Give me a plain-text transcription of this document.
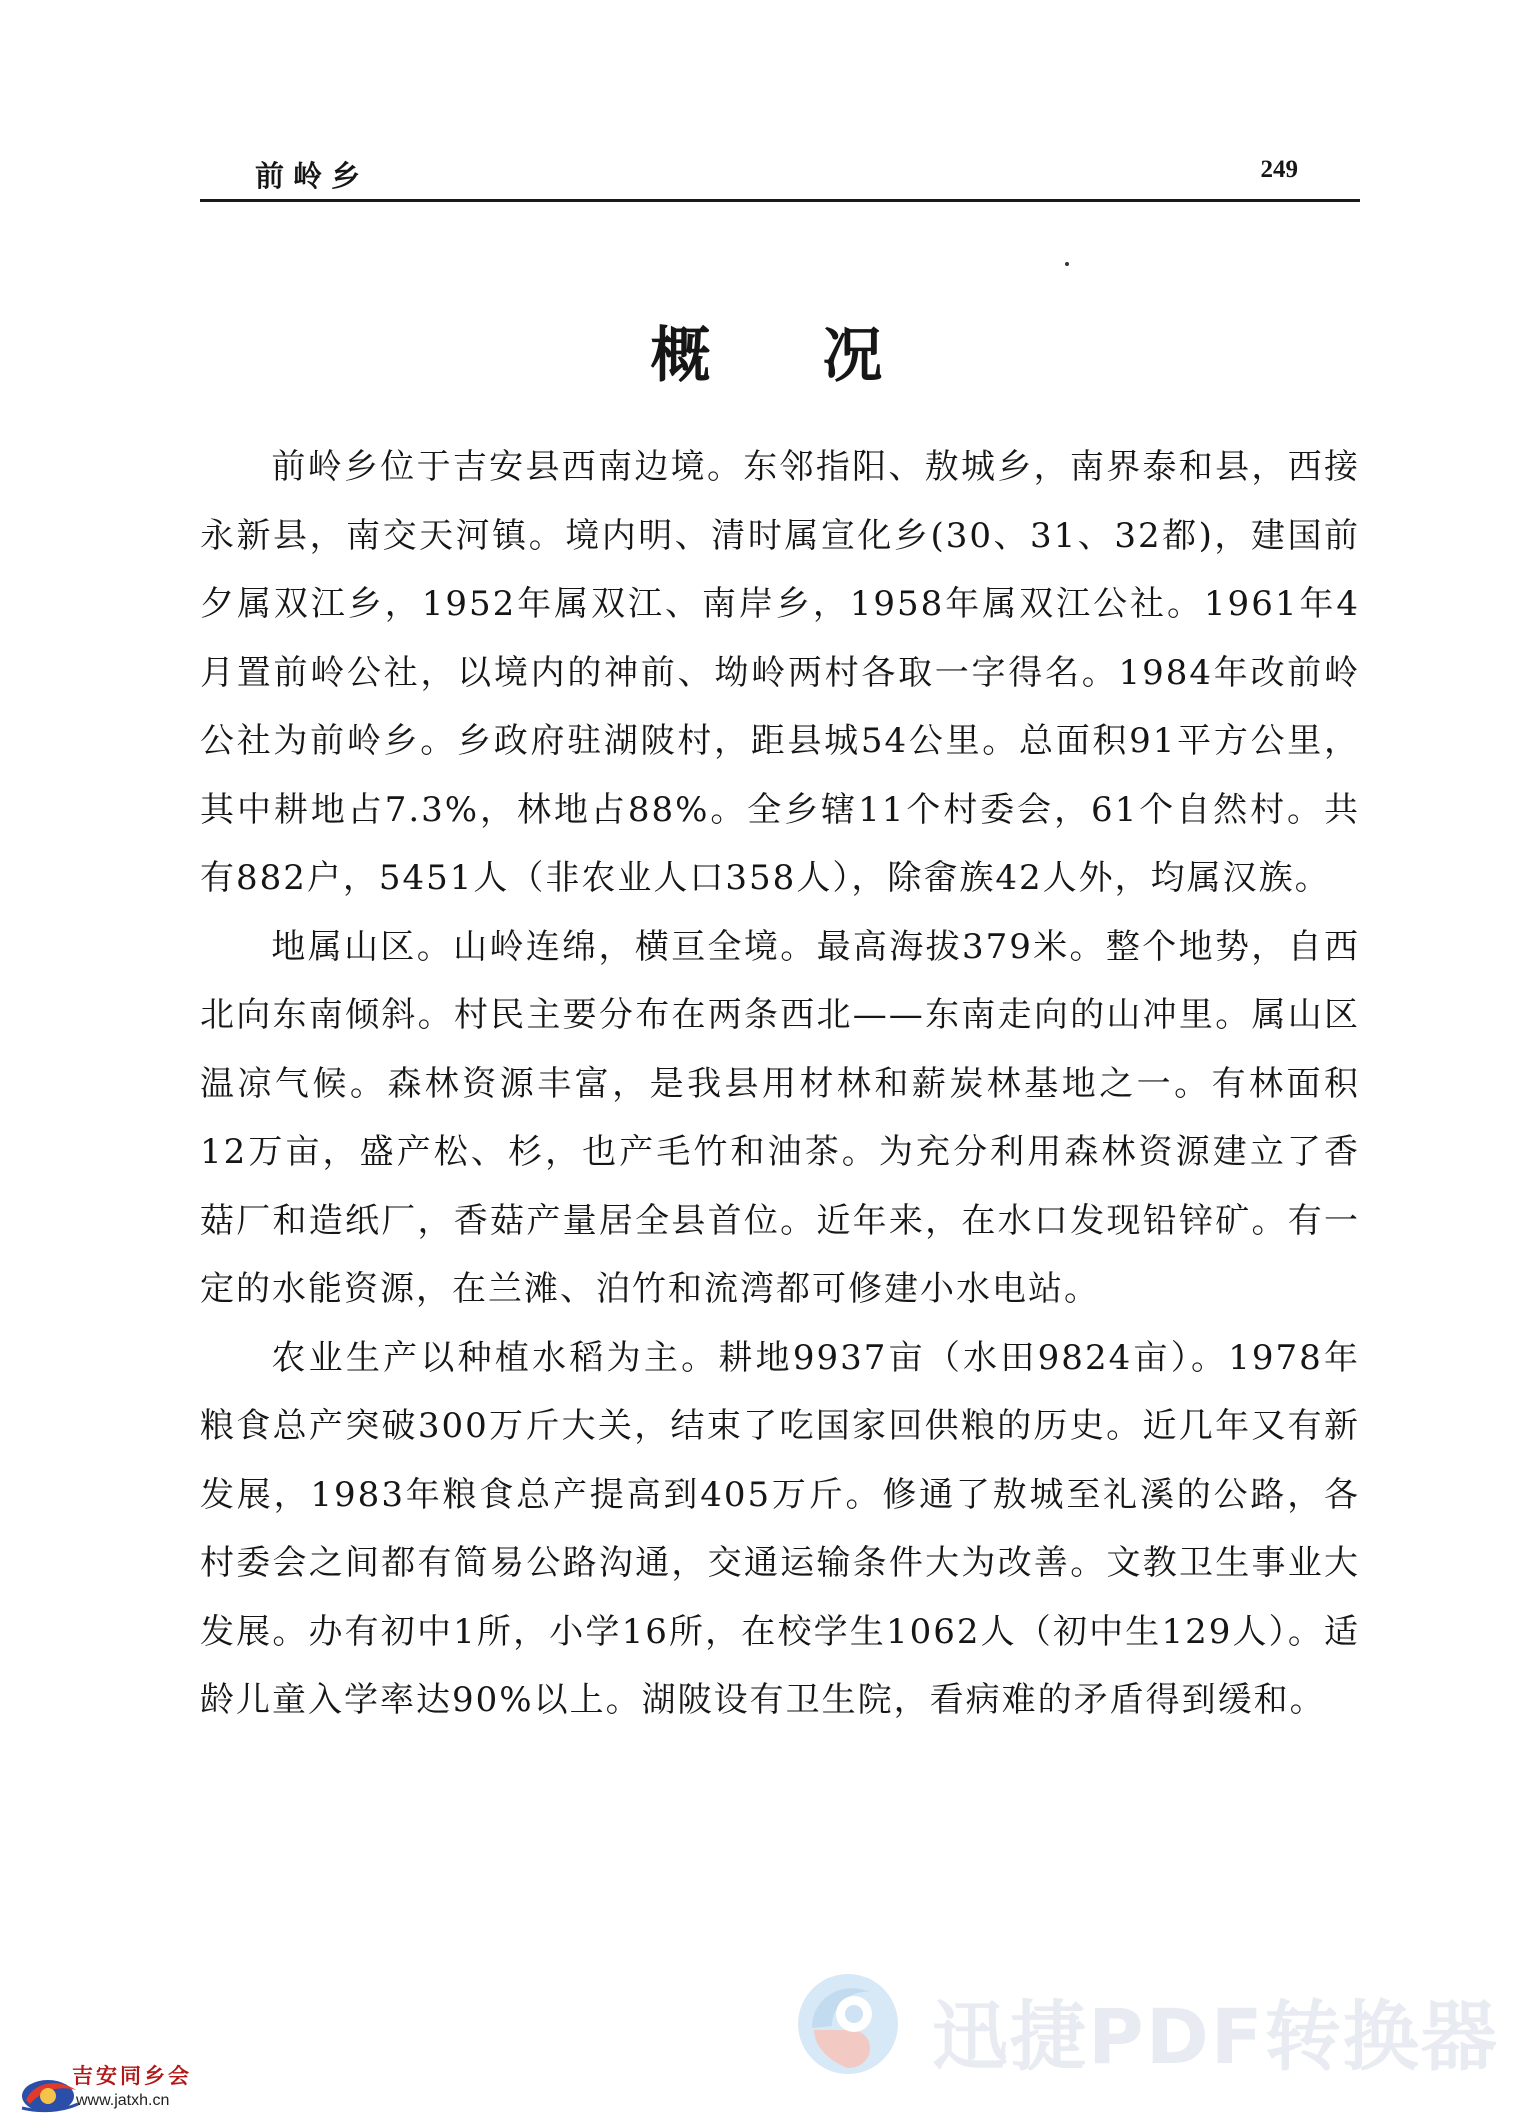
前岭乡	249
概 况

前岭乡位于吉安县西南边境。东邻指阳、敖城乡，南界泰和县，西接永新县，南交天河镇。境内明、清时属宣化乡(30、31、32都)，建国前夕属双江乡，1952年属双江、南岸乡，1958年属双江公社。1961年4月置前岭公社，以境内的神前、坳岭两村各取一字得名。1984年改前岭公社为前岭乡。乡政府驻湖陂村，距县城54公里。总面积91平方公里，其中耕地占7.3%，林地占88%。全乡辖11个村委会，61个自然村。共有882户，5451人（非农业人口358人），除畲族42人外，均属汉族。

地属山区。山岭连绵，横亘全境。最高海拔379米。整个地势，自西北向东南倾斜。村民主要分布在两条西北——东南走向的山冲里。属山区温凉气候。森林资源丰富，是我县用材林和薪炭林基地之一。有林面积12万亩，盛产松、杉，也产毛竹和油茶。为充分利用森林资源建立了香菇厂和造纸厂，香菇产量居全县首位。近年来，在水口发现铅锌矿。有一定的水能资源，在兰滩、泊竹和流湾都可修建小水电站。

农业生产以种植水稻为主。耕地9937亩（水田9824亩）。1978年粮食总产突破300万斤大关，结束了吃国家回供粮的历史。近几年又有新发展，1983年粮食总产提高到405万斤。修通了敖城至礼溪的公路，各村委会之间都有简易公路沟通，交通运输条件大为改善。文教卫生事业大发展。办有初中1所，小学16所，在校学生1062人（初中生129人）。适龄儿童入学率达90%以上。湖陂设有卫生院，看病难的矛盾得到缓和。

迅捷PDF转换器
吉安同乡会
www.jatxh.cn
